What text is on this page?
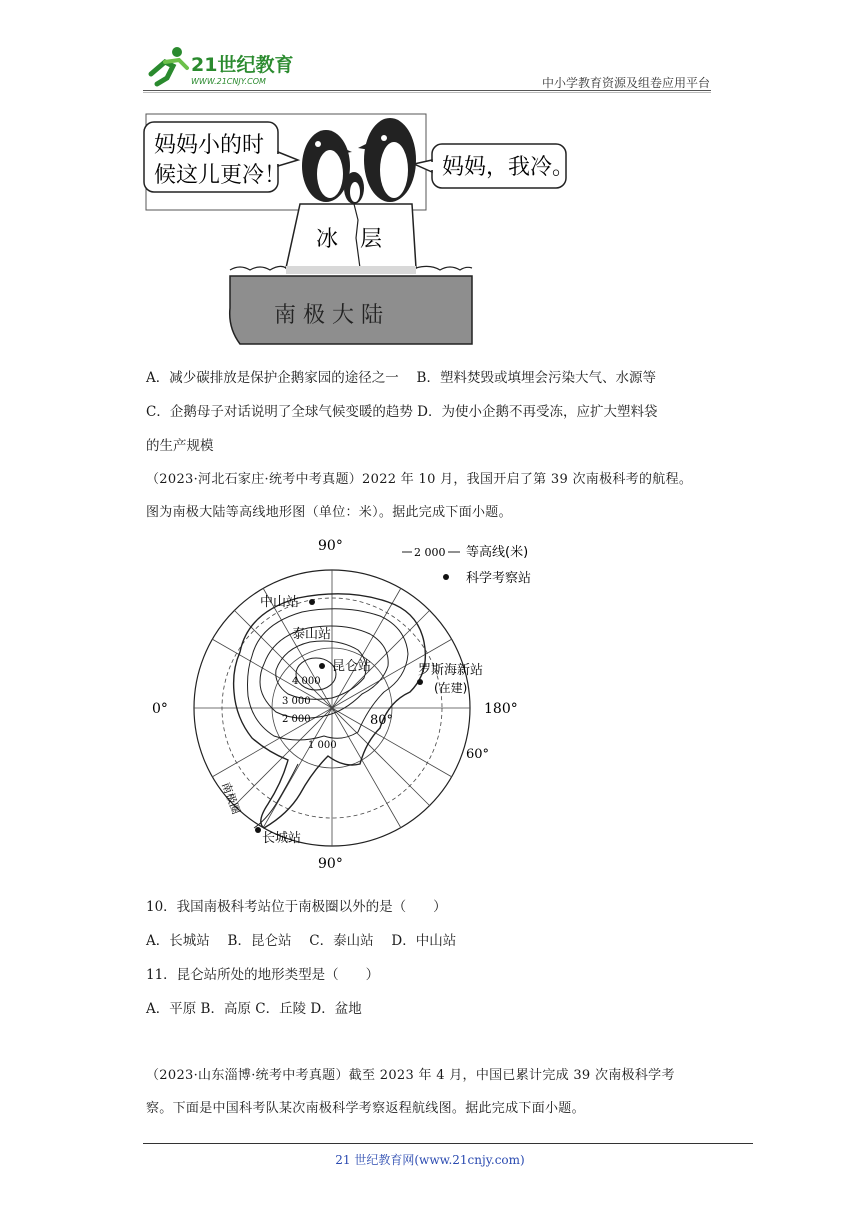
21世纪教育
WWW.21CNJY.COM	中小学教育资源及组卷应用平台
妈妈小的时
候这儿更冷！	妈妈，我冷。
冰　层
南 极 大 陆
A．减少碳排放是保护企鹅家园的途径之一　 B．塑料焚毁或填埋会污染大气、水源等
C．企鹅母子对话说明了全球气候变暖的趋势 D．为使小企鹅不再受冻，应扩大塑料袋
的生产规模
（2023·河北石家庄·统考中考真题）2022 年 10 月，我国开启了第 39 次南极科考的航程。
图为南极大陆等高线地形图（单位：米）。据此完成下面小题。
90°
90°
0°	180°
80°
60°
中山站
泰山站
昆仑站	罗斯海新站
(在建)
长城站
4 000
3 000
2 000
1 000
南极圈
2 000 等高线(米)
科学考察站
10．我国南极科考站位于南极圈以外的是（　　）
A．长城站　 B．昆仑站　 C．泰山站　 D．中山站
11．昆仑站所处的地形类型是（　　）
A．平原 B．高原 C．丘陵 D．盆地
（2023·山东淄博·统考中考真题）截至 2023 年 4 月，中国已累计完成 39 次南极科学考
察。下面是中国科考队某次南极科学考察返程航线图。据此完成下面小题。
21 世纪教育网(www.21cnjy.com)
